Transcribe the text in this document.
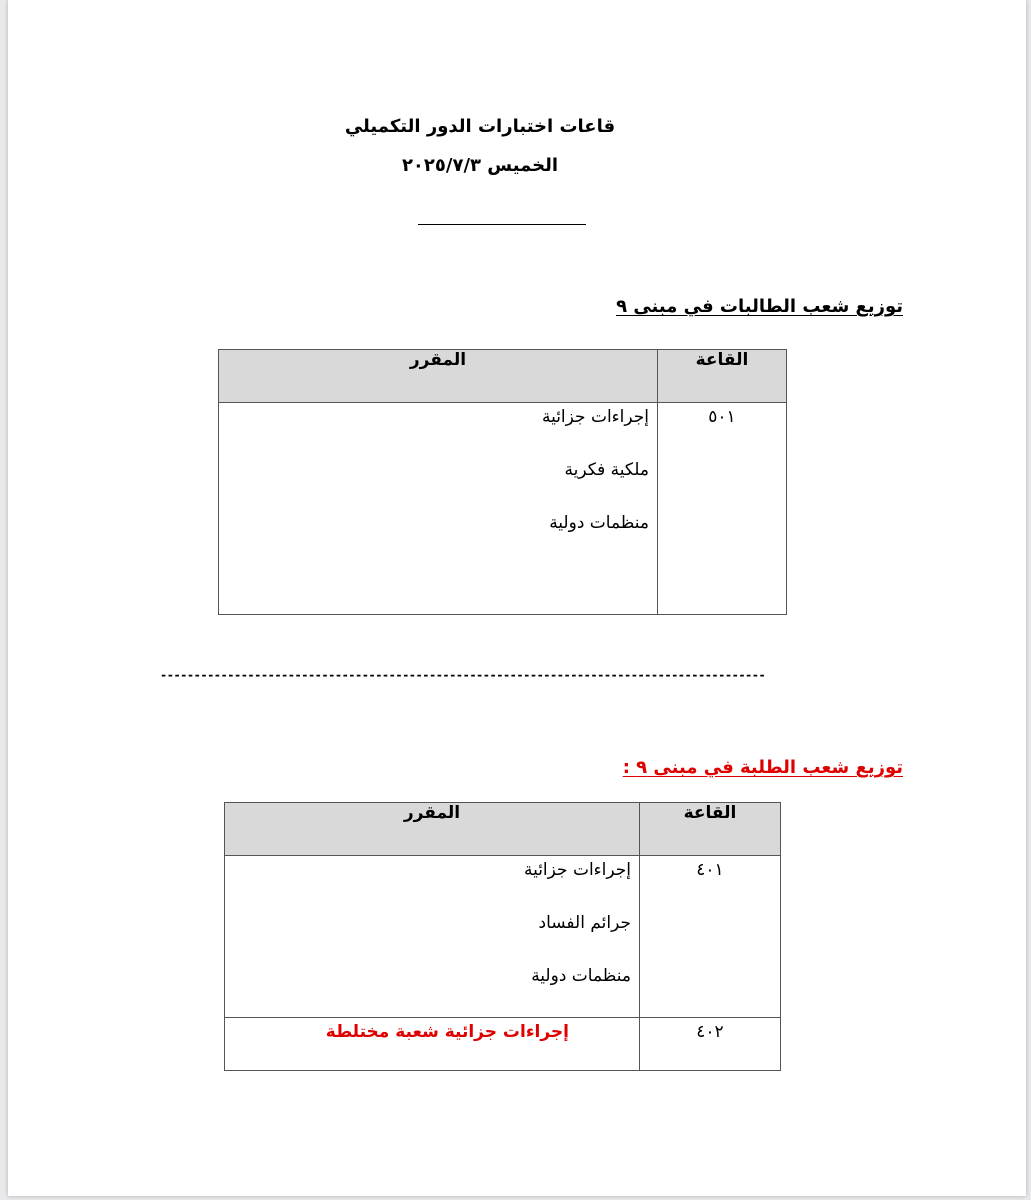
قاعات اختبارات الدور التكميلي
الخميس ٢٠٢٥/٧/٣
توزيع شعب الطالبات في مبنى ٩
القاعة	المقرر

٥٠١	إجراءات جزائية
ملكية فكرية
منظمات دولية
------------------------------------------------------------------------------------------
توزيع شعب الطلبة في مبنى ٩ :
القاعة	المقرر

٤٠١	إجراءات جزائية
جرائم الفساد
منظمات دولية

٤٠٢	إجراءات جزائية شعبة مختلطة
